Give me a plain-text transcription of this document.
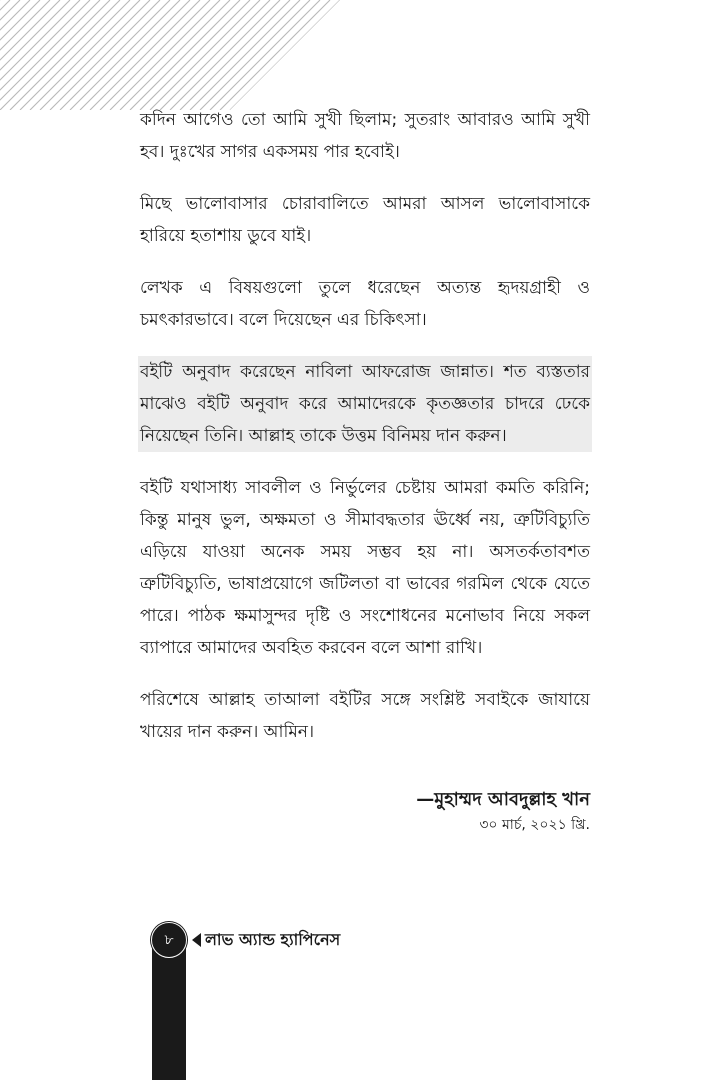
কদিন আগেও তো আমি সুখী ছিলাম; সুতরাং আবারও আমি সুখী হব। দুঃখের সাগর একসময় পার হবোই।

মিছে ভালোবাসার চোরাবালিতে আমরা আসল ভালোবাসাকে হারিয়ে হতাশায় ডুবে যাই।

লেখক এ বিষয়গুলো তুলে ধরেছেন অত্যন্ত হৃদয়গ্রাহী ও চমৎকারভাবে। বলে দিয়েছেন এর চিকিৎসা।

বইটি অনুবাদ করেছেন নাবিলা আফরোজ জান্নাত। শত ব্যস্ততার মাঝেও বইটি অনুবাদ করে আমাদেরকে কৃতজ্ঞতার চাদরে ঢেকে নিয়েছেন তিনি। আল্লাহ তাকে উত্তম বিনিময় দান করুন।

বইটি যথাসাধ্য সাবলীল ও নির্ভুলের চেষ্টায় আমরা কমতি করিনি; কিন্তু মানুষ ভুল, অক্ষমতা ও সীমাবদ্ধতার ঊর্ধ্বে নয়, ত্রুটিবিচ্যুতি এড়িয়ে যাওয়া অনেক সময় সম্ভব হয় না। অসতর্কতাবশত ত্রুটিবিচ্যুতি, ভাষাপ্রয়োগে জটিলতা বা ভাবের গরমিল থেকে যেতে পারে। পাঠক ক্ষমাসুন্দর দৃষ্টি ও সংশোধনের মনোভাব নিয়ে সকল ব্যাপারে আমাদের অবহিত করবেন বলে আশা রাখি।

পরিশেষে আল্লাহ তাআলা বইটির সঙ্গে সংশ্লিষ্ট সবাইকে জাযায়ে খায়ের দান করুন। আমিন।

—মুহাম্মদ আবদুল্লাহ খান
৩০ মার্চ, ২০২১ খ্রি.
৮	লাভ অ্যান্ড হ্যাপিনেস
